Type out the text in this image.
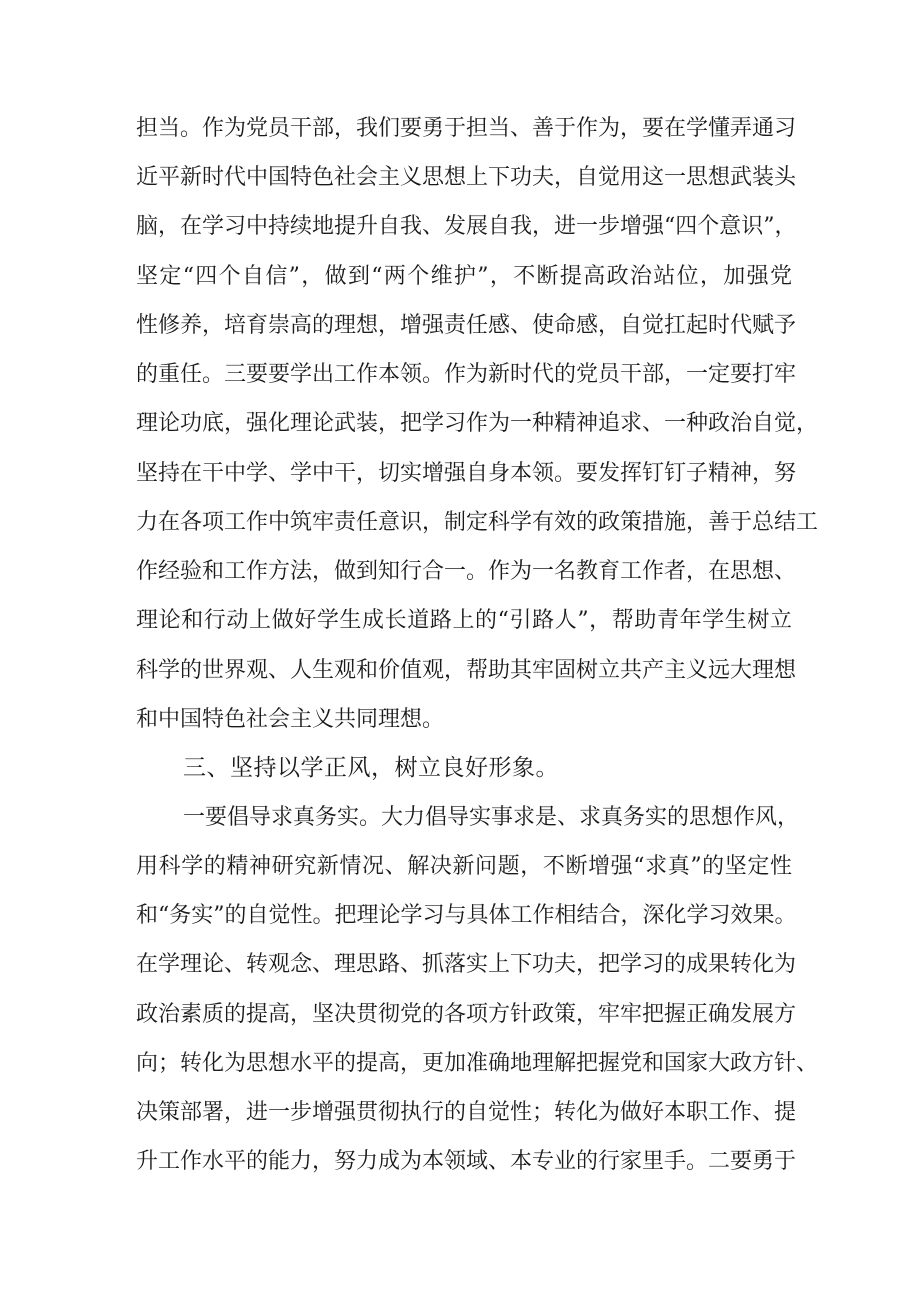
担当。作为党员干部，我们要勇于担当、善于作为，要在学懂弄通习
近平新时代中国特色社会主义思想上下功夫，自觉用这一思想武装头
脑，在学习中持续地提升自我、发展自我，进一步增强“四个意识”，
坚定“四个自信”，做到“两个维护”，不断提高政治站位，加强党
性修养，培育崇高的理想，增强责任感、使命感，自觉扛起时代赋予
的重任。三要要学出工作本领。作为新时代的党员干部，一定要打牢
理论功底，强化理论武装，把学习作为一种精神追求、一种政治自觉，
坚持在干中学、学中干，切实增强自身本领。要发挥钉钉子精神，努
力在各项工作中筑牢责任意识，制定科学有效的政策措施，善于总结工
作经验和工作方法，做到知行合一。作为一名教育工作者，在思想、
理论和行动上做好学生成长道路上的“引路人”，帮助青年学生树立
科学的世界观、人生观和价值观，帮助其牢固树立共产主义远大理想
和中国特色社会主义共同理想。
三、坚持以学正风，树立良好形象。
一要倡导求真务实。大力倡导实事求是、求真务实的思想作风，
用科学的精神研究新情况、解决新问题，不断增强“求真”的坚定性
和“务实”的自觉性。把理论学习与具体工作相结合，深化学习效果。
在学理论、转观念、理思路、抓落实上下功夫，把学习的成果转化为
政治素质的提高，坚决贯彻党的各项方针政策，牢牢把握正确发展方
向；转化为思想水平的提高，更加准确地理解把握党和国家大政方针、
决策部署，进一步增强贯彻执行的自觉性；转化为做好本职工作、提
升工作水平的能力，努力成为本领域、本专业的行家里手。二要勇于
